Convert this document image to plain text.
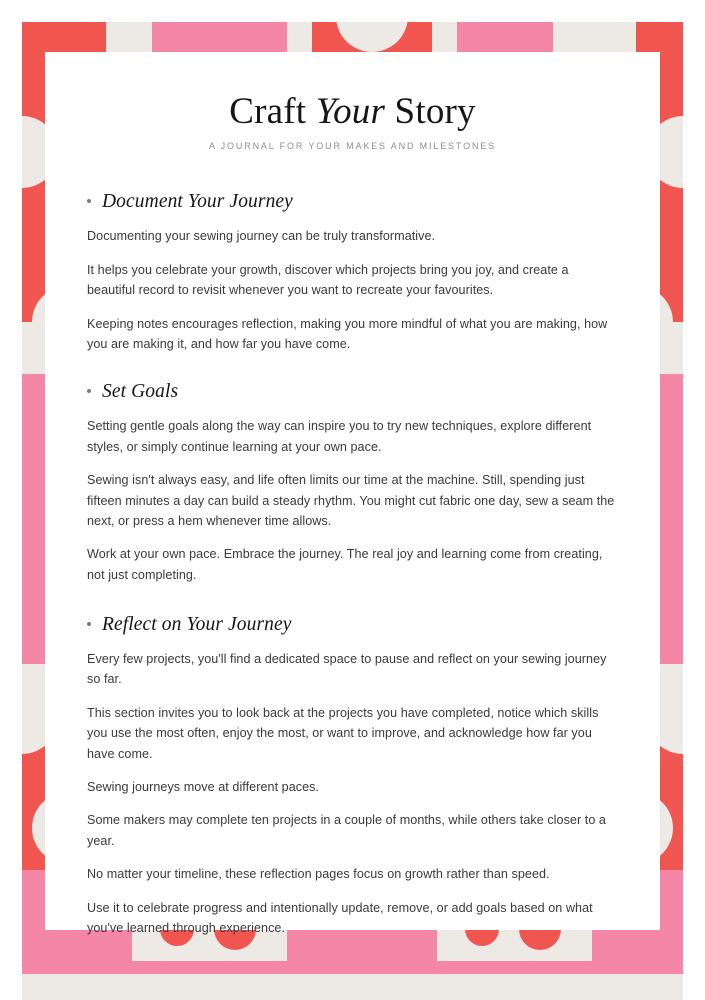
Craft Your Story
A JOURNAL FOR YOUR MAKES AND MILESTONES
Document Your Journey

Documenting your sewing journey can be truly transformative.

It helps you celebrate your growth, discover which projects bring you joy, and create a beautiful record to revisit whenever you want to recreate your favourites.

Keeping notes encourages reflection, making you more mindful of what you are making, how you are making it, and how far you have come.

Set Goals

Setting gentle goals along the way can inspire you to try new techniques, explore different styles, or simply continue learning at your own pace.

Sewing isn't always easy, and life often limits our time at the machine. Still, spending just fifteen minutes a day can build a steady rhythm. You might cut fabric one day, sew a seam the next, or press a hem whenever time allows.

Work at your own pace. Embrace the journey. The real joy and learning come from creating, not just completing.

Reflect on Your Journey

Every few projects, you'll find a dedicated space to pause and reflect on your sewing journey so far.

This section invites you to look back at the projects you have completed, notice which skills you use the most often, enjoy the most, or want to improve, and acknowledge how far you have come.

Sewing journeys move at different paces.

Some makers may complete ten projects in a couple of months, while others take closer to a year.

No matter your timeline, these reflection pages focus on growth rather than speed.

Use it to celebrate progress and intentionally update, remove, or add goals based on what you've learned through experience.
